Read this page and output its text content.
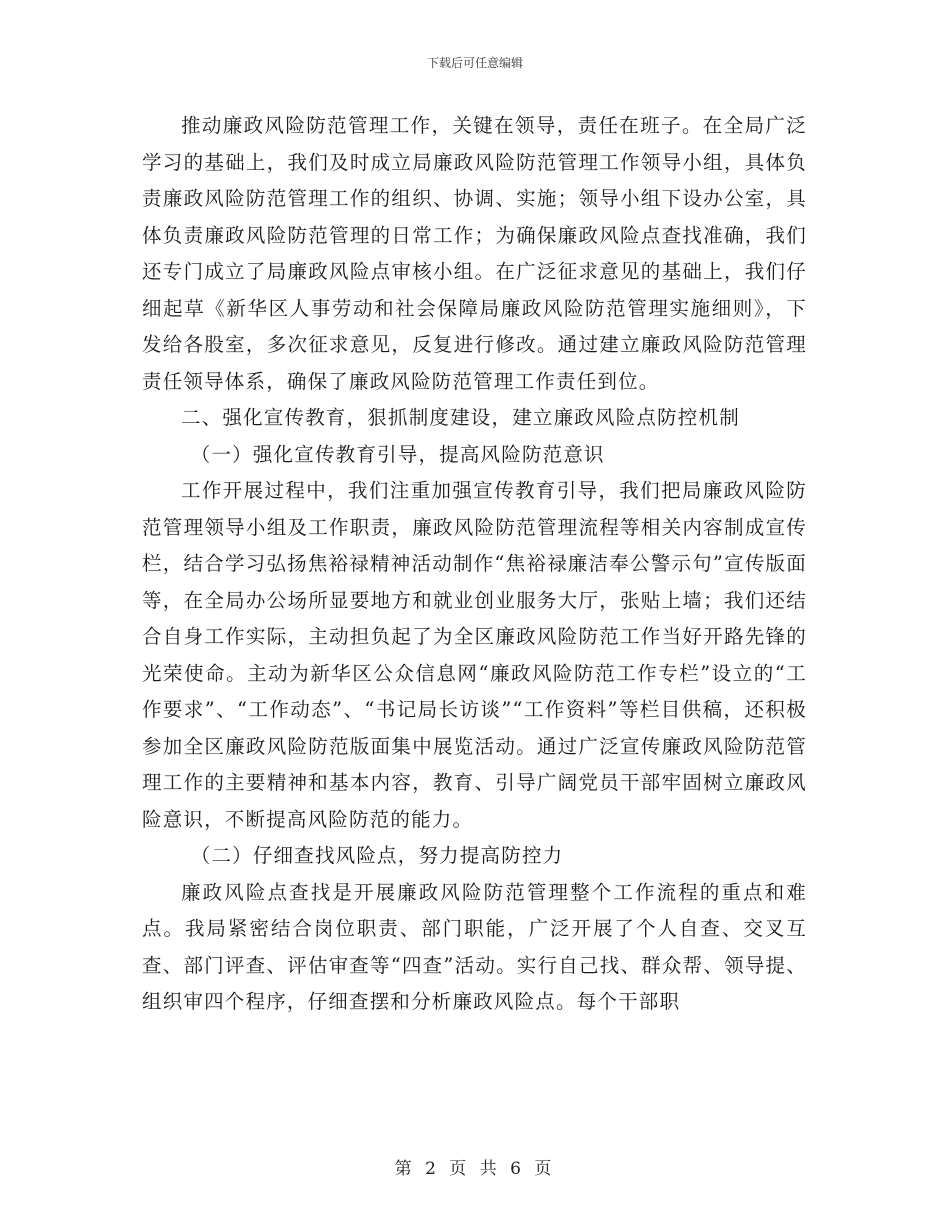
下载后可任意编辑

推动廉政风险防范管理工作，关键在领导，责任在班子。在全局广泛学习的基础上，我们及时成立局廉政风险防范管理工作领导小组，具体负责廉政风险防范管理工作的组织、协调、实施；领导小组下设办公室，具体负责廉政风险防范管理的日常工作；为确保廉政风险点查找准确，我们还专门成立了局廉政风险点审核小组。在广泛征求意见的基础上，我们仔细起草《新华区人事劳动和社会保障局廉政风险防范管理实施细则》，下发给各股室，多次征求意见，反复进行修改。通过建立廉政风险防范管理责任领导体系，确保了廉政风险防范管理工作责任到位。

二、强化宣传教育，狠抓制度建设，建立廉政风险点防控机制

（一）强化宣传教育引导，提高风险防范意识

工作开展过程中，我们注重加强宣传教育引导，我们把局廉政风险防范管理领导小组及工作职责，廉政风险防范管理流程等相关内容制成宣传栏，结合学习弘扬焦裕禄精神活动制作“焦裕禄廉洁奉公警示句”宣传版面等，在全局办公场所显要地方和就业创业服务大厅，张贴上墙；我们还结合自身工作实际，主动担负起了为全区廉政风险防范工作当好开路先锋的光荣使命。主动为新华区公众信息网“廉政风险防范工作专栏”设立的“工作要求”、“工作动态”、“书记局长访谈”“工作资料”等栏目供稿，还积极参加全区廉政风险防范版面集中展览活动。通过广泛宣传廉政风险防范管理工作的主要精神和基本内容，教育、引导广阔党员干部牢固树立廉政风险意识，不断提高风险防范的能力。

（二）仔细查找风险点，努力提高防控力

廉政风险点查找是开展廉政风险防范管理整个工作流程的重点和难点。我局紧密结合岗位职责、部门职能，广泛开展了个人自查、交叉互查、部门评查、评估审查等“四查”活动。实行自己找、群众帮、领导提、组织审四个程序，仔细查摆和分析廉政风险点。每个干部职

第 2 页 共 6 页
